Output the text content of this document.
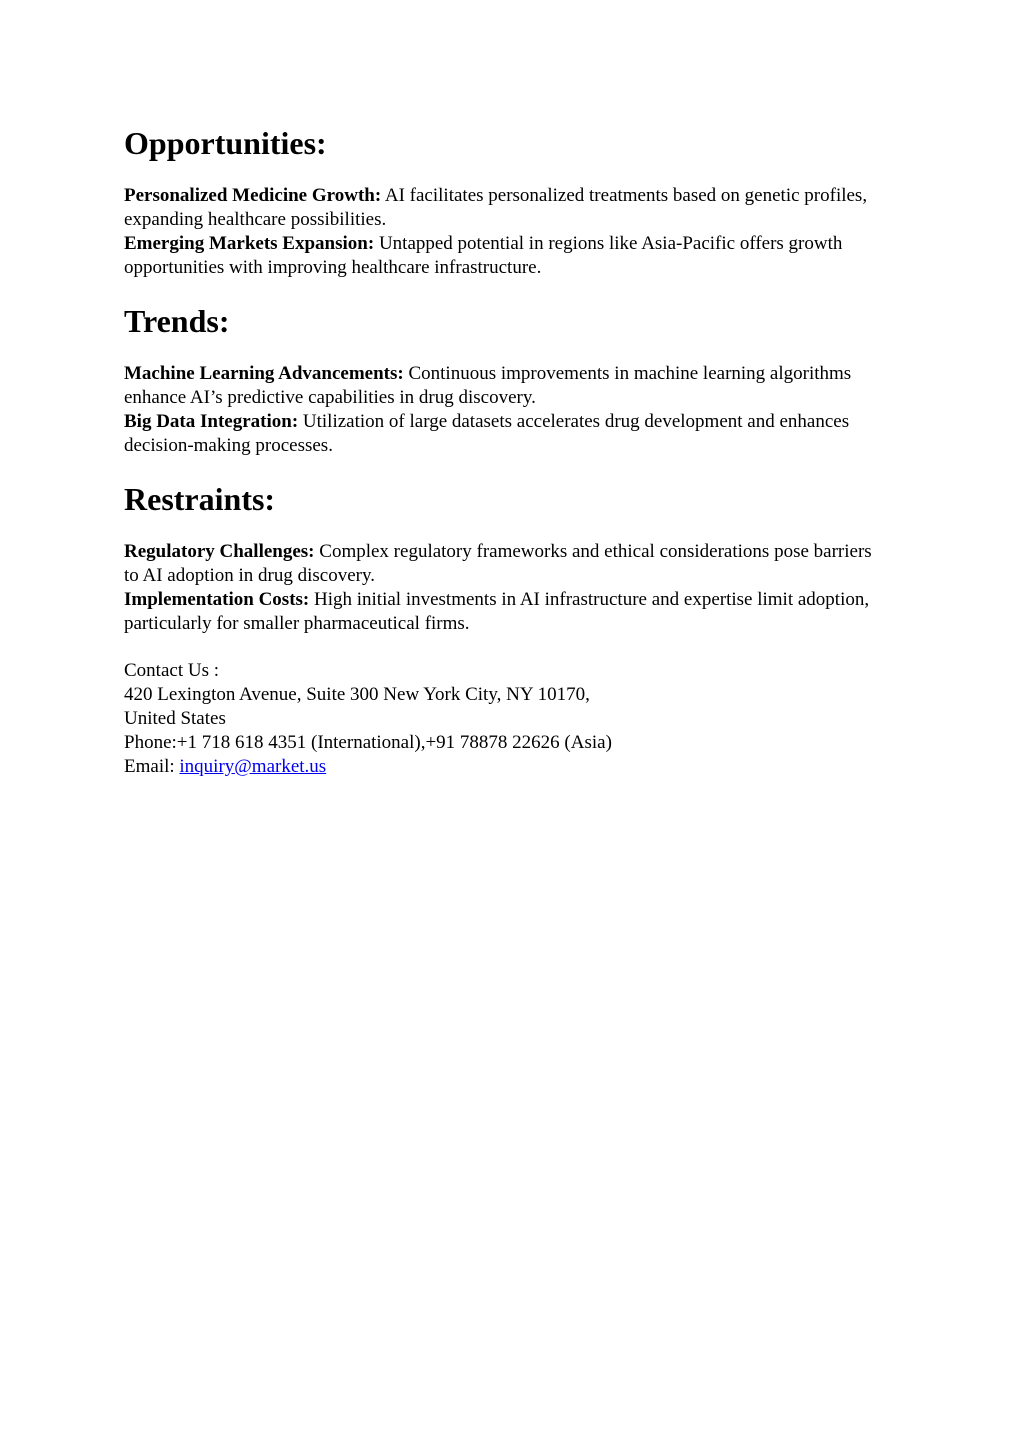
Opportunities:

Personalized Medicine Growth: AI facilitates personalized treatments based on genetic profiles, expanding healthcare possibilities.

Emerging Markets Expansion: Untapped potential in regions like Asia-Pacific offers growth opportunities with improving healthcare infrastructure.

Trends:

Machine Learning Advancements: Continuous improvements in machine learning algorithms enhance AI’s predictive capabilities in drug discovery.

Big Data Integration: Utilization of large datasets accelerates drug development and enhances decision-making processes.

Restraints:

Regulatory Challenges: Complex regulatory frameworks and ethical considerations pose barriers to AI adoption in drug discovery.

Implementation Costs: High initial investments in AI infrastructure and expertise limit adoption, particularly for smaller pharmaceutical firms.

Contact Us :
420 Lexington Avenue, Suite 300 New York City, NY 10170,
United States
Phone:+1 718 618 4351 (International),+91 78878 22626 (Asia)
Email: inquiry@market.us
